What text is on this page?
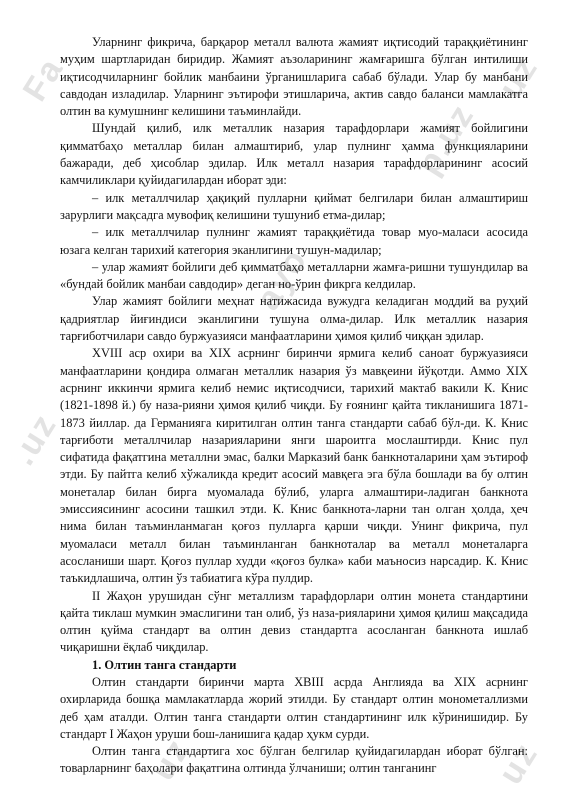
Fa	uz
p.uz
ayo
.uz
uz	uz

Уларнинг фикрича, барқарор металл валюта жамият иқтисодий тараққиётининг муҳим шартларидан биридир. Жамият аъзоларининг жамғаришга бўлган интилиши иқтисодчиларнинг бойлик манбаини ўрганишларига сабаб бўлади. Улар бу манбани савдодан изладилар. Уларнинг эътирофи этишларича, актив савдо баланси мамлакатга олтин ва кумушнинг келишини таъминлайди.

Шундай қилиб, илк металлик назария тарафдорлари жамият бойлигини қимматбаҳо металлар билан алмаштириб, улар пулнинг ҳамма функцияларини бажаради, деб ҳисоблар эдилар. Илк металл назария тарафдорларининг асосий камчиликлари қуйидагилардан иборат эди:

– илк металлчилар ҳақиқий пулларни қиймат белгилари билан алмаштириш зарурлиги мақсадга мувофиқ келишини тушуниб етма-дилар;

– илк металлчилар пулнинг жамият тараққиётида товар муо-маласи асосида юзага келган тарихий категория эканлигини тушун-мадилар;

– улар жамият бойлиги деб қимматбаҳо металларни жамға-ришни тушундилар ва «бундай бойлик манбаи савдодир» деган но-ўрин фикрга келдилар.

Улар жамият бойлиги меҳнат натижасида вужудга келадиган моддий ва руҳий қадриятлар йиғиндиси эканлигини тушуна олма-дилар. Илк металлик назария тарғиботчилари савдо буржуазияси манфаатларини ҳимоя қилиб чиққан эдилар.

XVIII аср охири ва XIX асрнинг биринчи ярмига келиб саноат буржуазияси манфаатларини қондира олмаган металлик назария ўз мавқеини йўқотди. Аммо XIX асрнинг иккинчи ярмига келиб немис иқтисодчиси, тарихий мактаб вакили К. Книс (1821-1898 й.) бу наза-рияни ҳимоя қилиб чиқди. Бу ғоянинг қайта тикланишига 1871-1873 йиллар. да Германияга киритилган олтин танга стандарти сабаб бўл-ди. К. Книс тарғиботи металлчилар назарияларини янги шароитга мослаштирди. Книс пул сифатида фақатгина металлни эмас, балки Марказий банк банкноталарини ҳам эътироф этди. Бу пайтга келиб хўжаликда кредит асосий мавқега эга бўла бошлади ва бу олтин монеталар билан бирга муомалада бўлиб, уларга алмаштири-ладиган банкнота эмиссиясининг асосини ташкил этди. К. Книс банкнота-ларни тан олган ҳолда, ҳеч нима билан таъминланмаган қоғоз пулларга қарши чиқди. Унинг фикрича, пул муомаласи металл билан таъминланган банкноталар ва металл монеталарга асосланиши шарт. Қоғоз пуллар худди «қоғоз булка» каби маъносиз нарсадир. К. Книс таъкидлашича, олтин ўз табиатига кўра пулдир.

II Жаҳон урушидан сўнг металлизм тарафдорлари олтин монета стандартини қайта тиклаш мумкин эмаслигини тан олиб, ўз наза-рияларини ҳимоя қилиш мақсадида олтин қуйма стандарт ва олтин девиз стандартга асосланган банкнота ишлаб чиқаришни ёқлаб чиқдилар.

1. Олтин танга стандарти

Олтин стандарти биринчи марта XВIII асрда Англияда ва XIX асрнинг охирларида бошқа мамлакатларда жорий этилди. Бу стандарт олтин монометаллизми деб ҳам аталди. Олтин танга стандарти олтин стандартининг илк кўринишидир. Бу стандарт I Жаҳон уруши бош-ланишига қадар ҳукм сурди.

Олтин танга стандартига хос бўлган белгилар қуйидагилардан иборат бўлган: товарларнинг баҳолари фақатгина олтинда ўлчаниши; олтин танганинг
